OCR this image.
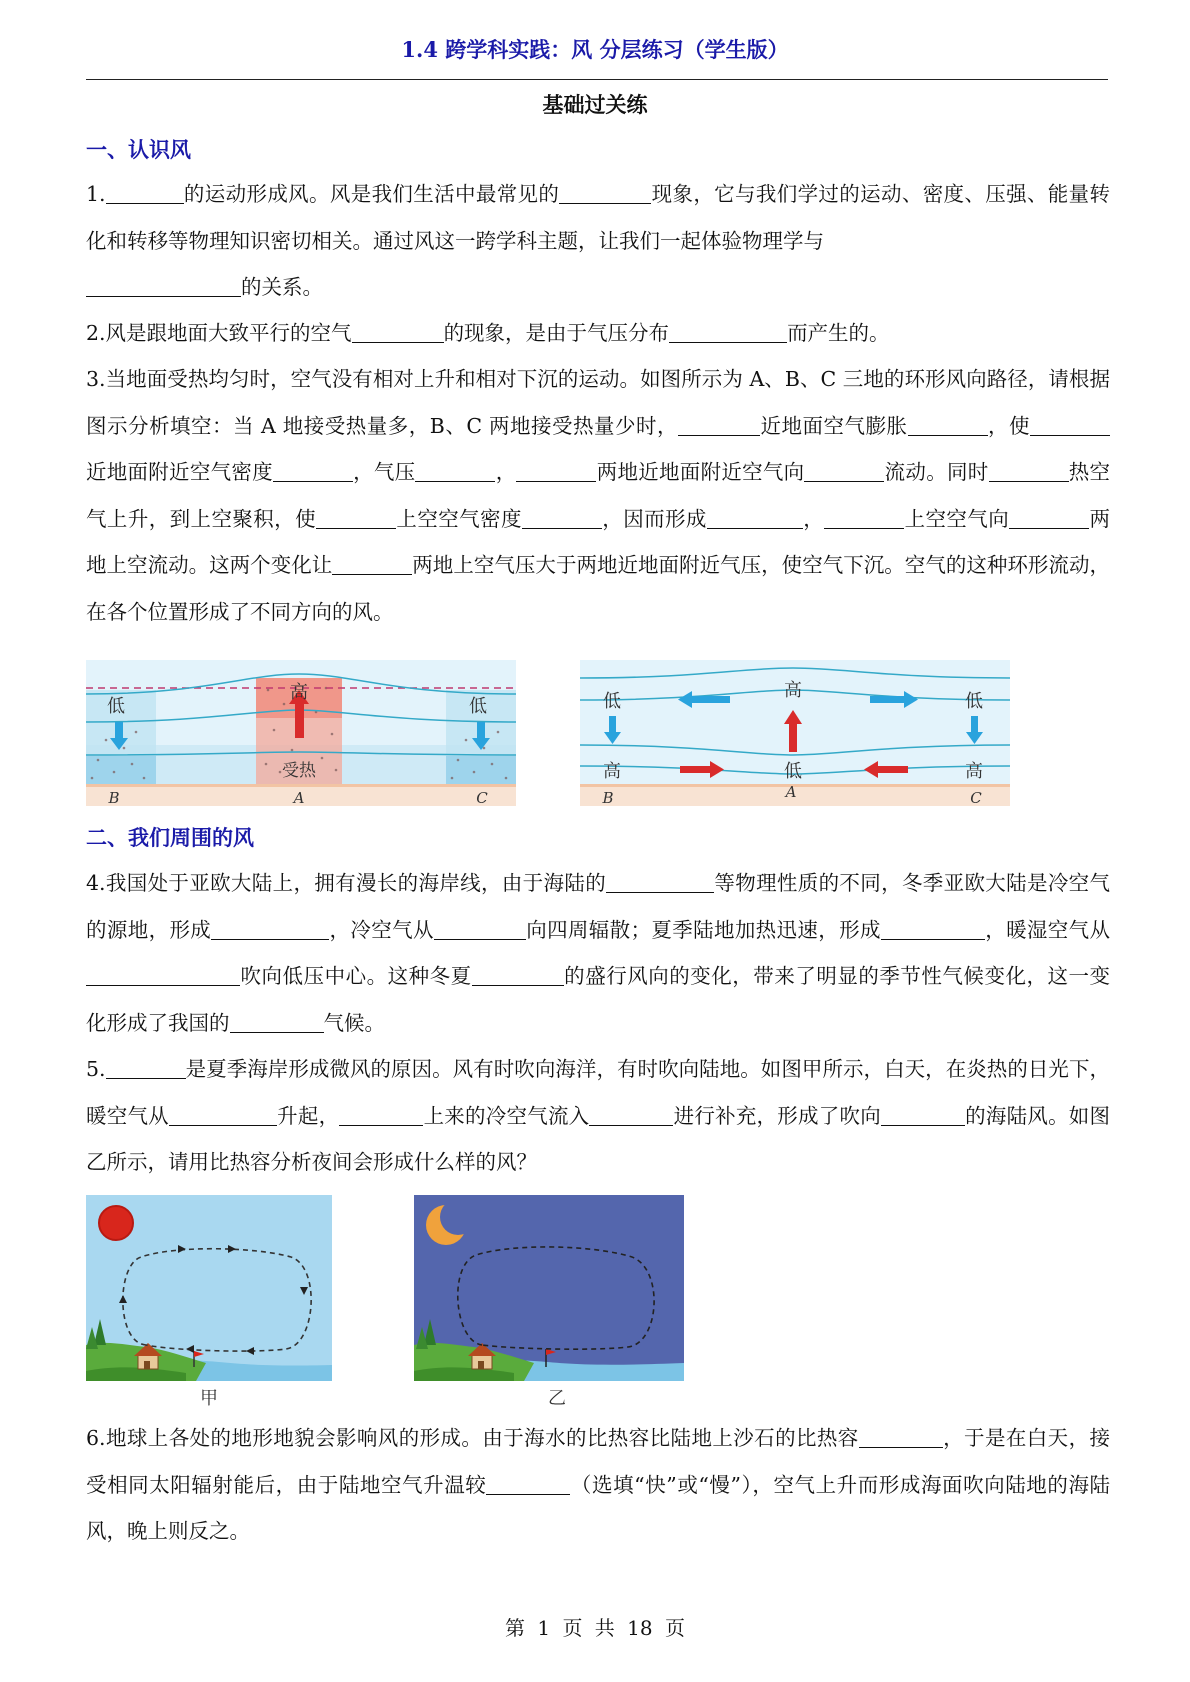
1.4 跨学科实践：风 分层练习（学生版）
基础过关练
一、认识风
1.	的运动形成风。风是我们生活中最常见的	现象，它与我们学过的运动、密度、压强、能量转化和转移等物理知识密切相关。通过风这一跨学科主题，让我们一起体验物理学与
的关系。
2.风是跟地面大致平行的空气	的现象，是由于气压分布	而产生的。
3.当地面受热均匀时，空气没有相对上升和相对下沉的运动。如图所示为 A、B、C 三地的环形风向路径，请根据图示分析填空：当 A 地接受热量多，B、C 两地接受热量少时，	近地面空气膨胀	，使近地面附近空气密度	，气压	，	两地近地面附近空气向	流动。同时	热空气上升，到上空聚积，使	上空空气密度	，因而形成	，	上空空气向	两地上空流动。这两个变化让	两地上空气压大于两地近地面附近气压，使空气下沉。空气的这种环形流动，在各个位置形成了不同方向的风。
高
低	低
受热
B	A	C
低
高
低
高	低	高
B	A	C
二、我们周围的风
4.我国处于亚欧大陆上，拥有漫长的海岸线，由于海陆的	等物理性质的不同，冬季亚欧大陆是冷空气的源地，形成	，冷空气从	向四周辐散；夏季陆地加热迅速，形成	，暖湿空气从吹向低压中心。这种冬夏	的盛行风向的变化，带来了明显的季节性气候变化，这一变化形成了我国的	气候。
5.	是夏季海岸形成微风的原因。风有时吹向海洋，有时吹向陆地。如图甲所示，白天，在炎热的日光下，暖空气从	升起，	上来的冷空气流入	进行补充，形成了吹向	的海陆风。如图乙所示，请用比热容分析夜间会形成什么样的风？
甲	乙
6.地球上各处的地形地貌会影响风的形成。由于海水的比热容比陆地上沙石的比热容	，于是在白天，接受相同太阳辐射能后，由于陆地空气升温较	（选填“快”或“慢”），空气上升而形成海面吹向陆地的海陆风，晚上则反之。
第 1 页 共 18 页
